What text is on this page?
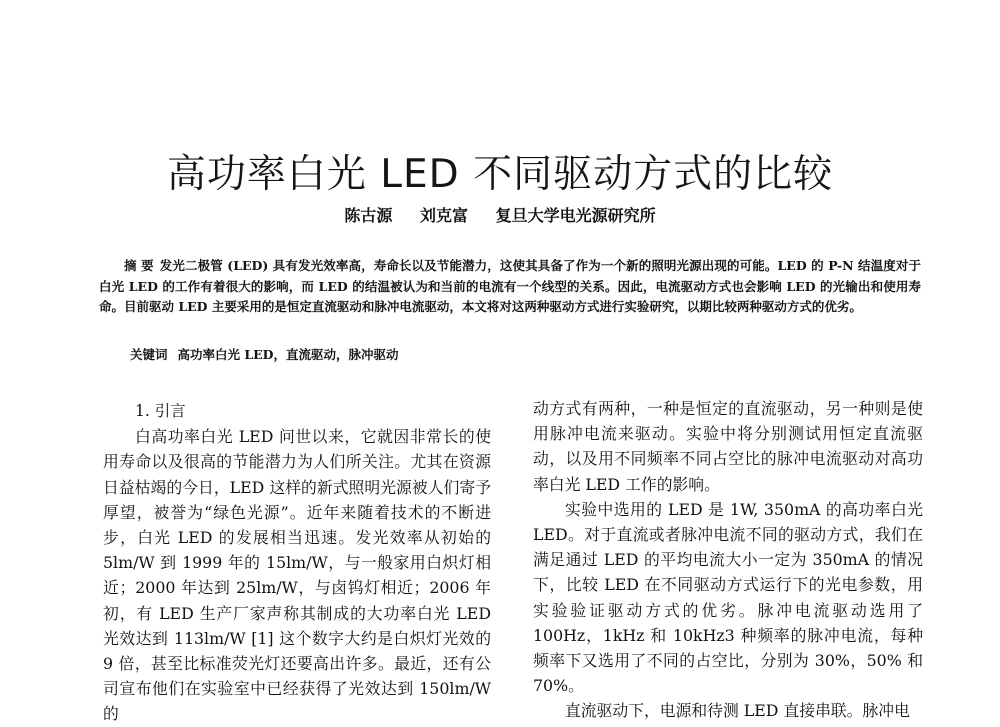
高功率白光 LED 不同驱动方式的比较
陈古源 刘克富 复旦大学电光源研究所
摘 要 发光二极管 (LED) 具有发光效率高，寿命长以及节能潜力，这使其具备了作为一个新的照明光源出现的可能。LED 的 P-N 结温度对于白光 LED 的工作有着很大的影响，而 LED 的结温被认为和当前的电流有一个线型的关系。因此，电流驱动方式也会影响 LED 的光输出和使用寿命。目前驱动 LED 主要采用的是恒定直流驱动和脉冲电流驱动，本文将对这两种驱动方式进行实验研究，以期比较两种驱动方式的优劣。
关键词 高功率白光 LED，直流驱动，脉冲驱动
1. 引言

白高功率白光 LED 问世以来，它就因非常长的使用寿命以及很高的节能潜力为人们所关注。尤其在资源日益枯竭的今日，LED 这样的新式照明光源被人们寄予厚望，被誉为“绿色光源”。近年来随着技术的不断进步，白光 LED 的发展相当迅速。发光效率从初始的 5lm/W 到 1999 年的 15lm/W，与一般家用白炽灯相近；2000 年达到 25lm/W，与卤钨灯相近；2006 年初，有 LED 生产厂家声称其制成的大功率白光 LED 光效达到 113lm/W [1] 这个数字大约是白炽灯光效的 9 倍，甚至比标准荧光灯还要高出许多。最近，还有公司宣布他们在实验室中已经获得了光效达到 150lm/W 的

动方式有两种，一种是恒定的直流驱动，另一种则是使用脉冲电流来驱动。实验中将分别测试用恒定直流驱动，以及用不同频率不同占空比的脉冲电流驱动对高功率白光 LED 工作的影响。

实验中选用的 LED 是 1W, 350mA 的高功率白光 LED。对于直流或者脉冲电流不同的驱动方式，我们在满足通过 LED 的平均电流大小一定为 350mA 的情况下，比较 LED 在不同驱动方式运行下的光电参数，用实验验证驱动方式的优劣。脉冲电流驱动选用了 100Hz，1kHz 和 10kHz3 种频率的脉冲电流，每种频率下又选用了不同的占空比，分别为 30%，50% 和 70%。

直流驱动下，电源和待测 LED 直接串联。脉冲电
